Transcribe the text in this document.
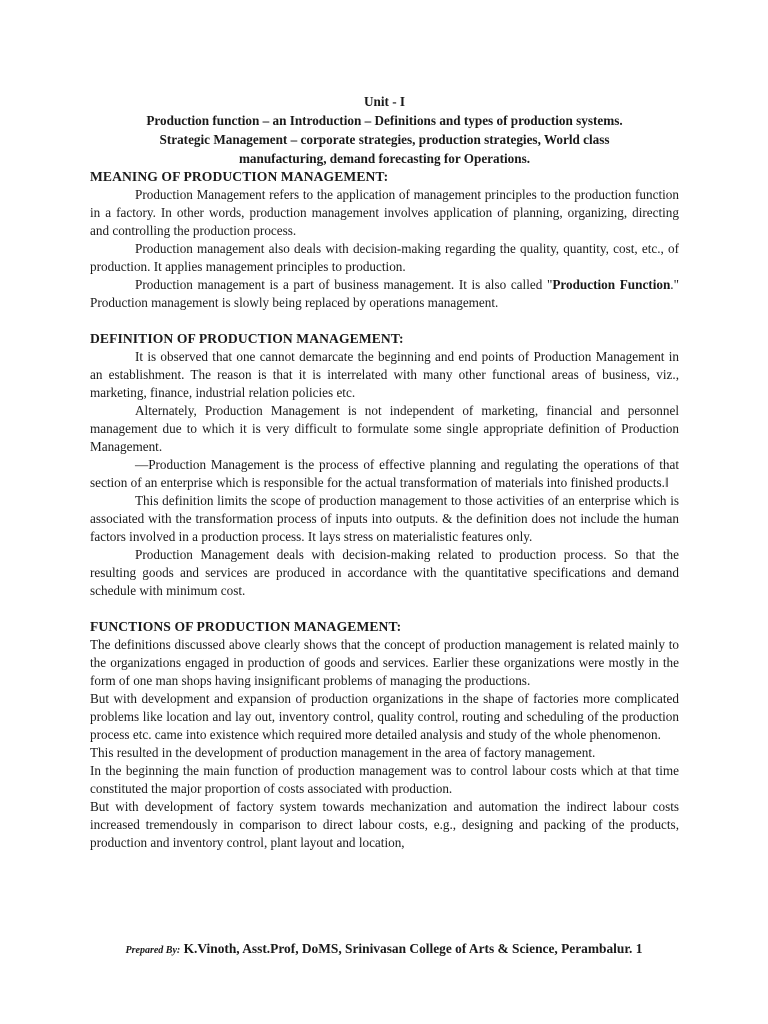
Unit - I
Production function – an Introduction – Definitions and types of production systems.
Strategic Management – corporate strategies, production strategies, World class
manufacturing, demand forecasting for Operations.
MEANING OF PRODUCTION MANAGEMENT:

Production Management refers to the application of management principles to the production function in a factory. In other words, production management involves application of planning, organizing, directing and controlling the production process.

Production management also deals with decision-making regarding the quality, quantity, cost, etc., of production. It applies management principles to production.

Production management is a part of business management. It is also called "Production Function." Production management is slowly being replaced by operations management.

DEFINITION OF PRODUCTION MANAGEMENT:

It is observed that one cannot demarcate the beginning and end points of Production Management in an establishment. The reason is that it is interrelated with many other functional areas of business, viz., marketing, finance, industrial relation policies etc.

Alternately, Production Management is not independent of marketing, financial and personnel management due to which it is very difficult to formulate some single appropriate definition of Production Management.

―Production Management is the process of effective planning and regulating the operations of that section of an enterprise which is responsible for the actual transformation of materials into finished products.‖

This definition limits the scope of production management to those activities of an enterprise which is associated with the transformation process of inputs into outputs. & the definition does not include the human factors involved in a production process. It lays stress on materialistic features only.

Production Management deals with decision-making related to production process. So that the resulting goods and services are produced in accordance with the quantitative specifications and demand schedule with minimum cost.

FUNCTIONS OF PRODUCTION MANAGEMENT:

The definitions discussed above clearly shows that the concept of production management is related mainly to the organizations engaged in production of goods and services. Earlier these organizations were mostly in the form of one man shops having insignificant problems of managing the productions.

But with development and expansion of production organizations in the shape of factories more complicated problems like location and lay out, inventory control, quality control, routing and scheduling of the production process etc. came into existence which required more detailed analysis and study of the whole phenomenon.

This resulted in the development of production management in the area of factory management.

In the beginning the main function of production management was to control labour costs which at that time constituted the major proportion of costs associated with production.

But with development of factory system towards mechanization and automation the indirect labour costs increased tremendously in comparison to direct labour costs, e.g., designing and packing of the products, production and inventory control, plant layout and location,

Prepared By: K.Vinoth, Asst.Prof, DoMS, Srinivasan College of Arts & Science, Perambalur. 1
